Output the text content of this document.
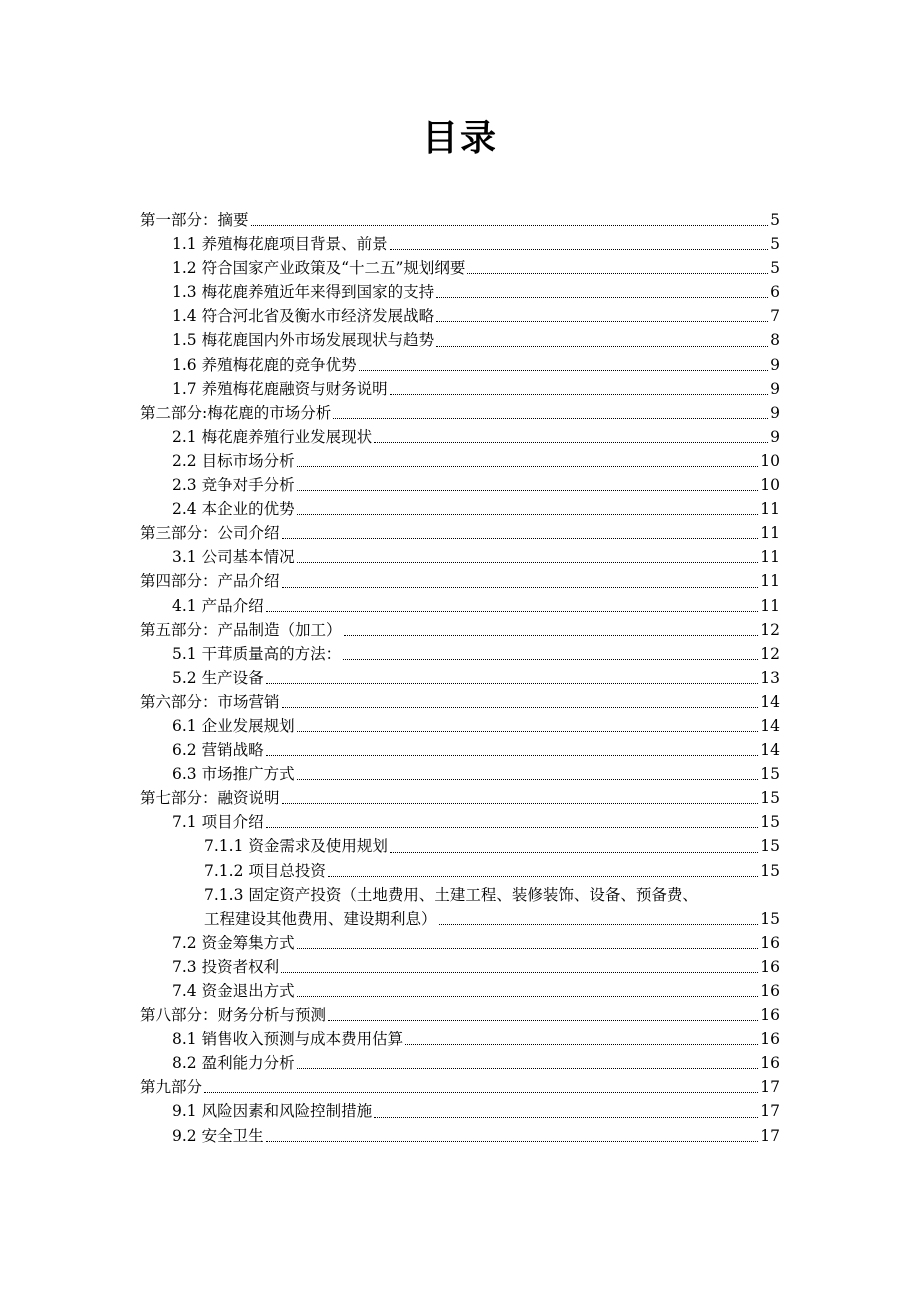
目录
第一部分：摘要	5
1.1 养殖梅花鹿项目背景、前景	5
1.2 符合国家产业政策及“十二五”规划纲要	5
1.3 梅花鹿养殖近年来得到国家的支持	6
1.4 符合河北省及衡水市经济发展战略	7
1.5 梅花鹿国内外市场发展现状与趋势	8
1.6 养殖梅花鹿的竞争优势	9
1.7 养殖梅花鹿融资与财务说明	9
第二部分:梅花鹿的市场分析	9
2.1 梅花鹿养殖行业发展现状	9
2.2 目标市场分析	10
2.3 竞争对手分析	10
2.4 本企业的优势	11
第三部分：公司介绍	11
3.1 公司基本情况	11
第四部分：产品介绍	11
4.1 产品介绍	11
第五部分：产品制造（加工）	12
5.1 干茸质量高的方法：	12
5.2 生产设备	13
第六部分：市场营销	14
6.1 企业发展规划	14
6.2 营销战略	14
6.3 市场推广方式	15
第七部分：融资说明	15
7.1 项目介绍	15
7.1.1 资金需求及使用规划	15
7.1.2 项目总投资	15
7.1.3 固定资产投资（土地费用、土建工程、装修装饰、设备、预备费、
工程建设其他费用、建设期利息）	15
7.2 资金筹集方式	16
7.3 投资者权利	16
7.4 资金退出方式	16
第八部分：财务分析与预测	16
8.1 销售收入预测与成本费用估算	16
8.2 盈利能力分析	16
第九部分	17
9.1 风险因素和风险控制措施	17
9.2 安全卫生	17
